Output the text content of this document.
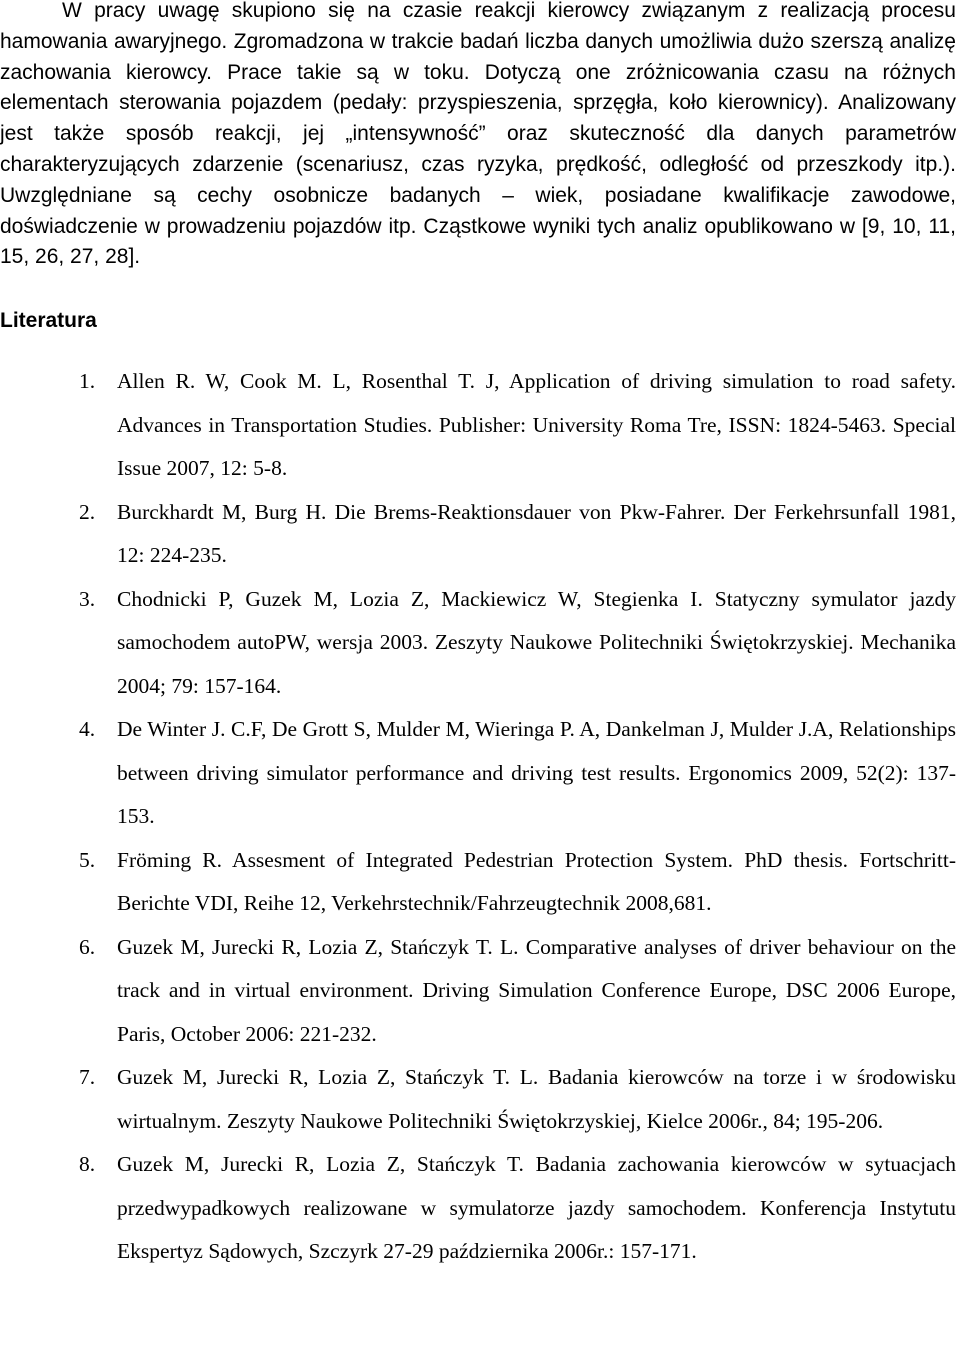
W pracy uwagę skupiono się na czasie reakcji kierowcy związanym z realizacją procesu hamowania awaryjnego. Zgromadzona w trakcie badań liczba danych umożliwia dużo szerszą analizę zachowania kierowcy. Prace takie są w toku. Dotyczą one zróżnicowania czasu na różnych elementach sterowania pojazdem (pedały: przyspieszenia, sprzęgła, koło kierownicy). Analizowany jest także sposób reakcji, jej „intensywność” oraz skuteczność dla danych parametrów charakteryzujących zdarzenie (scenariusz, czas ryzyka, prędkość, odległość od przeszkody itp.). Uwzględniane są cechy osobnicze badanych – wiek, posiadane kwalifikacje zawodowe, doświadczenie w prowadzeniu pojazdów itp. Cząstkowe wyniki tych analiz opublikowano w [9, 10, 11, 15, 26, 27, 28].

Literatura
1. Allen R. W, Cook M. L, Rosenthal T. J, Application of driving simulation to road safety. Advances in Transportation Studies. Publisher: University Roma Tre, ISSN: 1824-5463. Special Issue 2007, 12: 5-8.
2. Burckhardt M, Burg H. Die Brems-Reaktionsdauer von Pkw-Fahrer. Der Ferkehrsunfall 1981, 12: 224-235.
3. Chodnicki P, Guzek M, Lozia Z, Mackiewicz W, Stegienka I. Statyczny symulator jazdy samochodem autoPW, wersja 2003. Zeszyty Naukowe Politechniki Świętokrzyskiej. Mechanika 2004; 79: 157-164.
4. De Winter J. C.F, De Grott S, Mulder M, Wieringa P. A, Dankelman J, Mulder J.A, Relationships between driving simulator performance and driving test results. Ergonomics 2009, 52(2): 137-153.
5. Fröming R. Assesment of Integrated Pedestrian Protection System. PhD thesis. Fortschritt-Berichte VDI, Reihe 12, Verkehrstechnik/Fahrzeugtechnik 2008,681.
6. Guzek M, Jurecki R, Lozia Z, Stańczyk T. L. Comparative analyses of driver behaviour on the track and in virtual environment. Driving Simulation Conference Europe, DSC 2006 Europe, Paris, October 2006: 221-232.
7. Guzek M, Jurecki R, Lozia Z, Stańczyk T. L. Badania kierowców na torze i w środowisku wirtualnym. Zeszyty Naukowe Politechniki Świętokrzyskiej, Kielce 2006r., 84; 195-206.
8. Guzek M, Jurecki R, Lozia Z, Stańczyk T. Badania zachowania kierowców w sytuacjach przedwypadkowych realizowane w symulatorze jazdy samochodem. Konferencja Instytutu Ekspertyz Sądowych, Szczyrk 27-29 października 2006r.: 157-171.
